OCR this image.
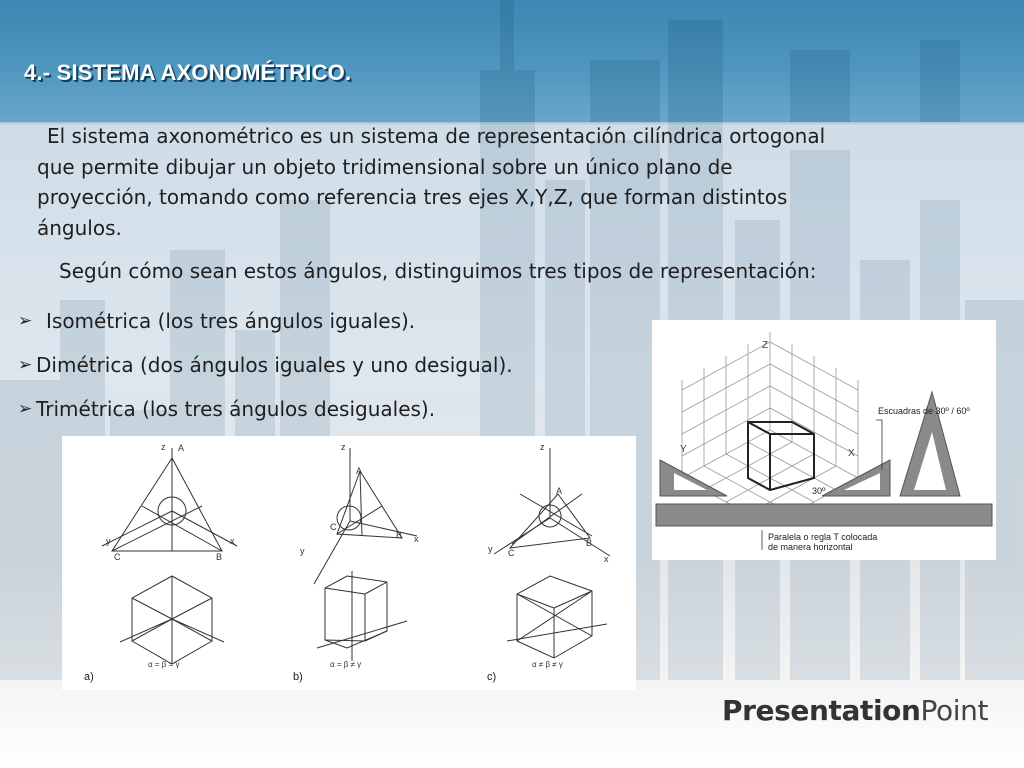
4.- SISTEMA AXONOMÉTRICO.

El sistema axonométrico es un sistema de representación cilíndrica ortogonal
que permite dibujar un objeto tridimensional sobre un único plano de
proyección, tomando como referencia tres ejes X,Y,Z, que forman distintos
ángulos.

Según cómo sean estos ángulos, distinguimos tres tipos de representación:

➢ Isométrica (los tres ángulos iguales).
➢ Dimétrica (dos ángulos iguales y uno desigual).
➢ Trimétrica (los tres ángulos desiguales).
z A
y	x
C	B
z
A
y
x
C
B
z
A
y
x
C
B
α = β = γ	α = β ≠ γ	α ≠ β ≠ γ
a)	b)	c)
Z
Y	X
Escuadras de 30º / 60º
30º
Paralela o regla T colocada
de manera horizontal

PresentationPoint
